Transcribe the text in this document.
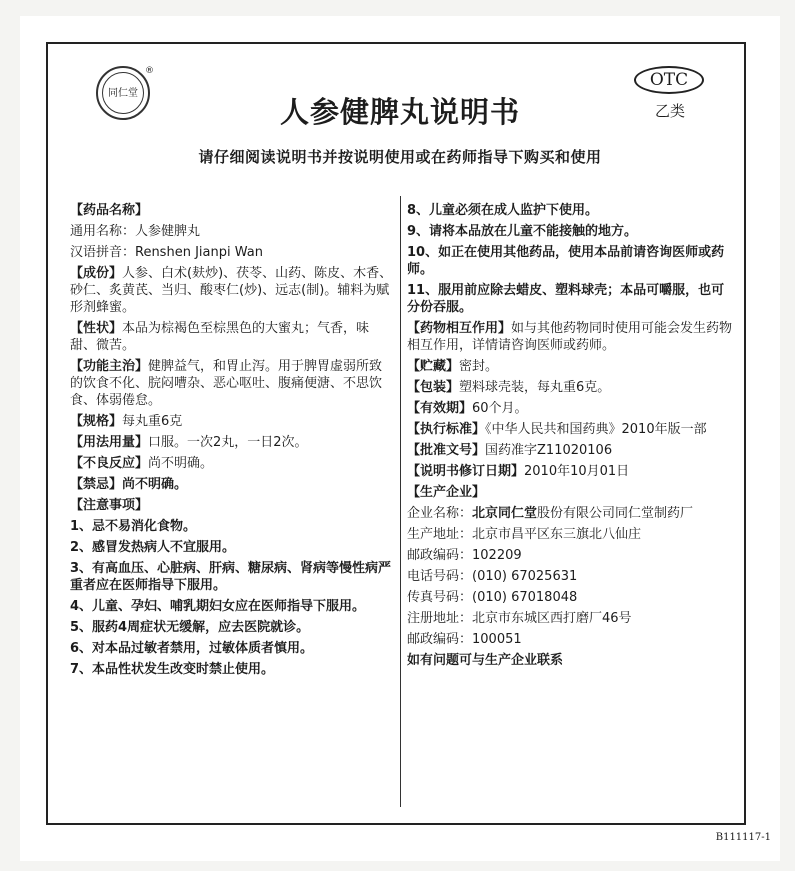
同仁堂
®
人参健脾丸说明书
OTC
乙类
请仔细阅读说明书并按说明使用或在药师指导下购买和使用

【药品名称】

通用名称：人参健脾丸

汉语拼音：Renshen Jianpi Wan

【成份】人参、白术(麸炒)、茯苓、山药、陈皮、木香、砂仁、炙黄芪、当归、酸枣仁(炒)、远志(制)。辅料为赋形剂蜂蜜。

【性状】本品为棕褐色至棕黑色的大蜜丸；气香，味甜、微苦。

【功能主治】健脾益气，和胃止泻。用于脾胃虚弱所致的饮食不化、脘闷嘈杂、恶心呕吐、腹痛便溏、不思饮食、体弱倦怠。

【规格】每丸重6克

【用法用量】口服。一次2丸，一日2次。

【不良反应】尚不明确。

【禁忌】尚不明确。

【注意事项】

1、忌不易消化食物。

2、感冒发热病人不宜服用。

3、有高血压、心脏病、肝病、糖尿病、肾病等慢性病严重者应在医师指导下服用。

4、儿童、孕妇、哺乳期妇女应在医师指导下服用。

5、服药4周症状无缓解，应去医院就诊。

6、对本品过敏者禁用，过敏体质者慎用。

7、本品性状发生改变时禁止使用。

8、儿童必须在成人监护下使用。

9、请将本品放在儿童不能接触的地方。

10、如正在使用其他药品，使用本品前请咨询医师或药师。

11、服用前应除去蜡皮、塑料球壳；本品可嚼服，也可分份吞服。

【药物相互作用】如与其他药物同时使用可能会发生药物相互作用，详情请咨询医师或药师。

【贮藏】密封。

【包装】塑料球壳装，每丸重6克。

【有效期】60个月。

【执行标准】《中华人民共和国药典》2010年版一部

【批准文号】国药准字Z11020106

【说明书修订日期】2010年10月01日

【生产企业】

企业名称：北京同仁堂股份有限公司同仁堂制药厂

生产地址：北京市昌平区东三旗北八仙庄

邮政编码：102209

电话号码：(010) 67025631

传真号码：(010) 67018048

注册地址：北京市东城区西打磨厂46号

邮政编码：100051

如有问题可与生产企业联系

B111117-1
